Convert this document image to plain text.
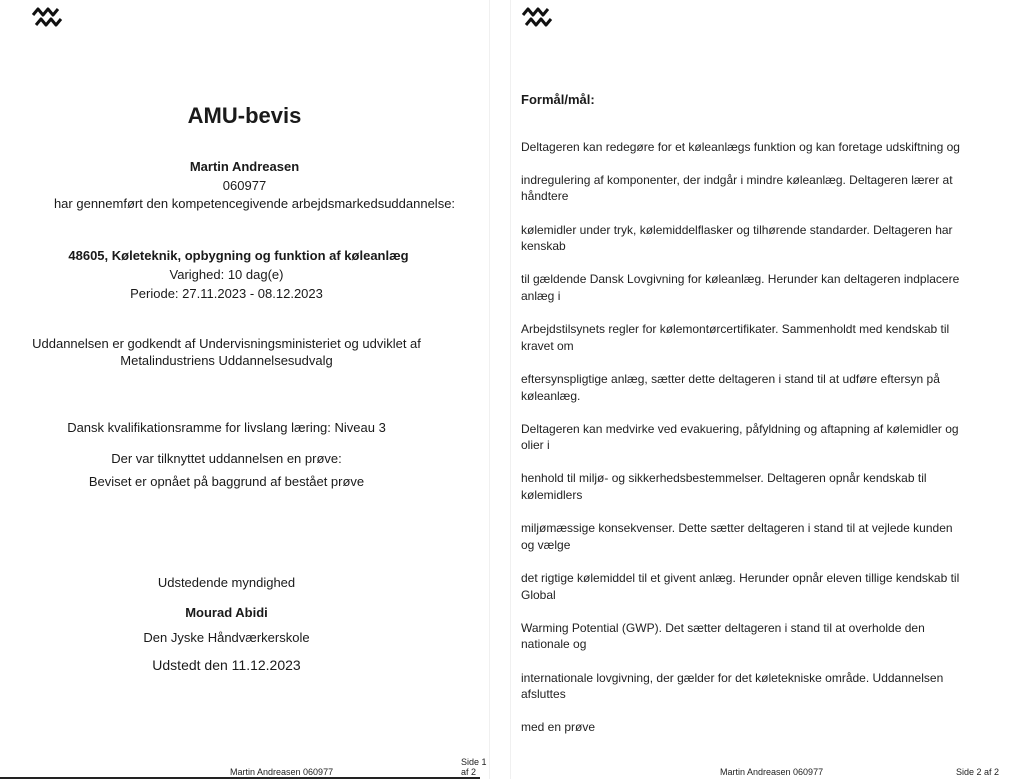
AMU-bevis
Martin Andreasen
060977
har gennemført den kompetencegivende arbejdsmarkedsuddannelse:
48605, Køleteknik, opbygning og funktion af køleanlæg
Varighed: 10 dag(e)
Periode: 27.11.2023 - 08.12.2023
Uddannelsen er godkendt af Undervisningsministeriet og udviklet af
Metalindustriens Uddannelsesudvalg
Dansk kvalifikationsramme for livslang læring: Niveau 3
Der var tilknyttet uddannelsen en prøve:
Beviset er opnået på baggrund af bestået prøve
Udstedende myndighed
Mourad Abidi
Den Jyske Håndværkerskole
Udstedt den 11.12.2023
Martin Andreasen 060977
Side 1 af 2
Formål/mål:

Deltageren kan redegøre for et køleanlægs funktion og kan foretage udskiftning og

indregulering af komponenter, der indgår i mindre køleanlæg. Deltageren lærer at håndtere

kølemidler under tryk, kølemiddelflasker og tilhørende standarder. Deltageren har kenskab

til gældende Dansk Lovgivning for køleanlæg. Herunder kan deltageren indplacere anlæg i

Arbejdstilsynets regler for kølemontørcertifikater. Sammenholdt med kendskab til kravet om

eftersynspligtige anlæg, sætter dette deltageren i stand til at udføre eftersyn på køleanlæg.

Deltageren kan medvirke ved evakuering, påfyldning og aftapning af kølemidler og olier i

henhold til miljø- og sikkerhedsbestemmelser. Deltageren opnår kendskab til kølemidlers

miljømæssige konsekvenser. Dette sætter deltageren i stand til at vejlede kunden og vælge

det rigtige kølemiddel til et givent anlæg. Herunder opnår eleven tillige kendskab til Global

Warming Potential (GWP). Det sætter deltageren i stand til at overholde den nationale og

internationale lovgivning, der gælder for det køletekniske område. Uddannelsen afsluttes

med en prøve

Martin Andreasen 060977	Side 2 af 2
